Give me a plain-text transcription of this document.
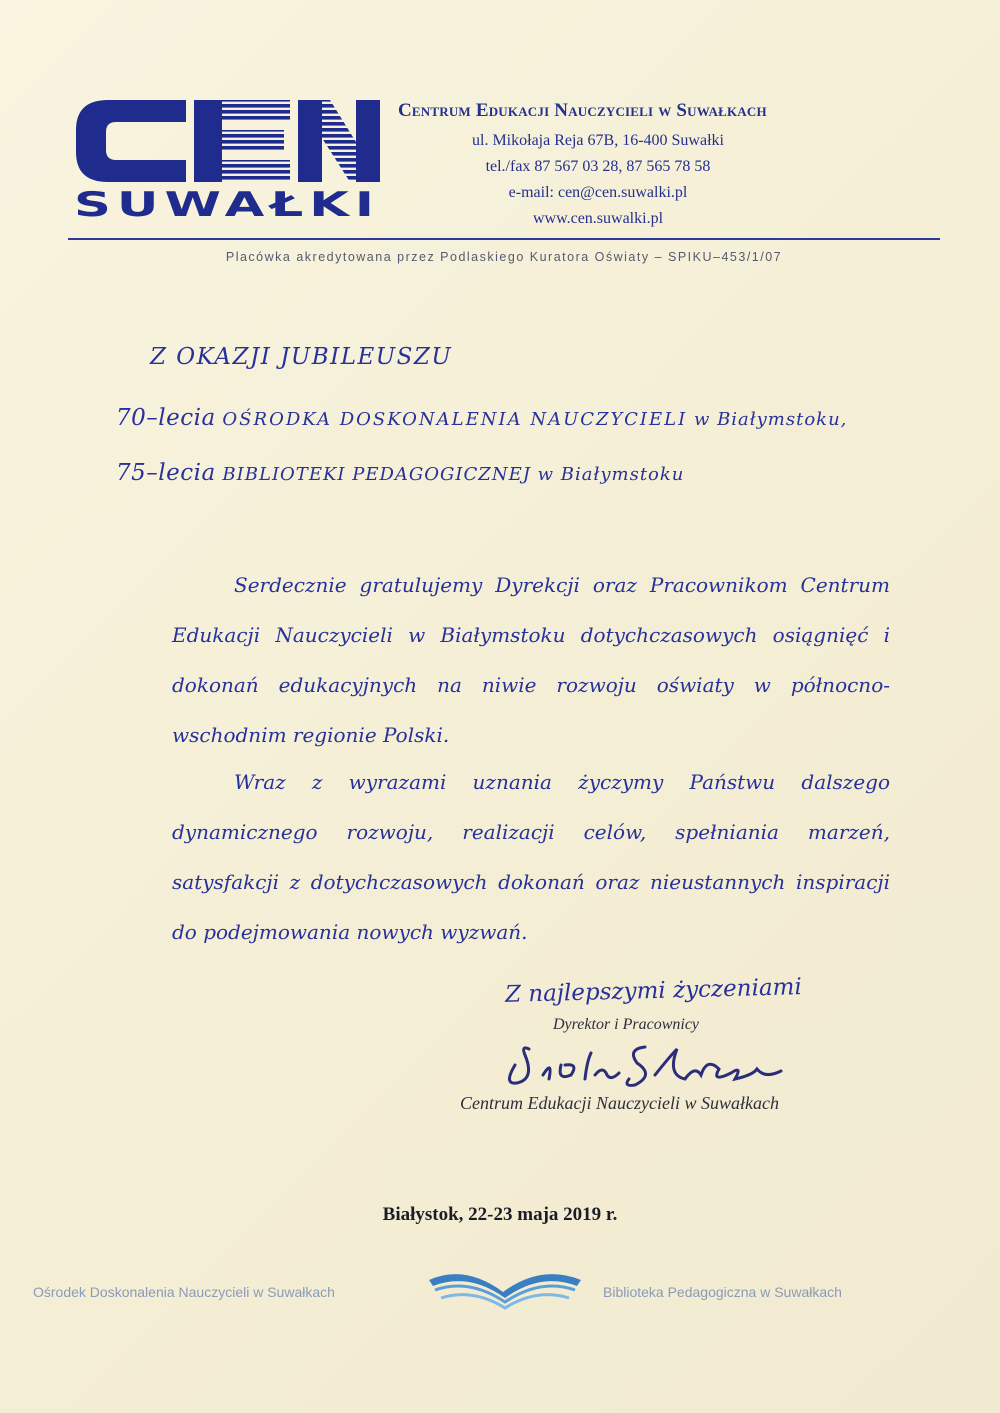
SUWAŁKI

Centrum Edukacji Nauczycieli w Suwałkach

ul. Mikołaja Reja 67B, 16-400 Suwałki

tel./fax 87 567 03 28, 87 565 78 58

e-mail: cen@cen.suwalki.pl

www.cen.suwalki.pl

Placówka akredytowana przez Podlaskiego Kuratora Oświaty – SPIKU–453/1/07
Z OKAZJI JUBILEUSZU
70–lecia OŚRODKA DOSKONALENIA NAUCZYCIELI w Białymstoku,
75–lecia BIBLIOTEKI PEDAGOGICZNEJ w Białymstoku

Serdecznie gratulujemy Dyrekcji oraz Pracownikom Centrum Edukacji Nauczycieli w Białymstoku dotychczasowych osiągnięć i dokonań edukacyjnych na niwie rozwoju oświaty w północno-wschodnim regionie Polski.

Wraz z wyrazami uznania życzymy Państwu dalszego dynamicznego rozwoju, realizacji celów, spełniania marzeń, satysfakcji z dotychczasowych dokonań oraz nieustannych inspiracji do podejmowania nowych wyzwań.

Z najlepszymi życzeniami
Dyrektor i Pracownicy
Centrum Edukacji Nauczycieli w Suwałkach
Białystok, 22-23 maja 2019 r.
Ośrodek Doskonalenia Nauczycieli w Suwałkach	Biblioteka Pedagogiczna w Suwałkach
